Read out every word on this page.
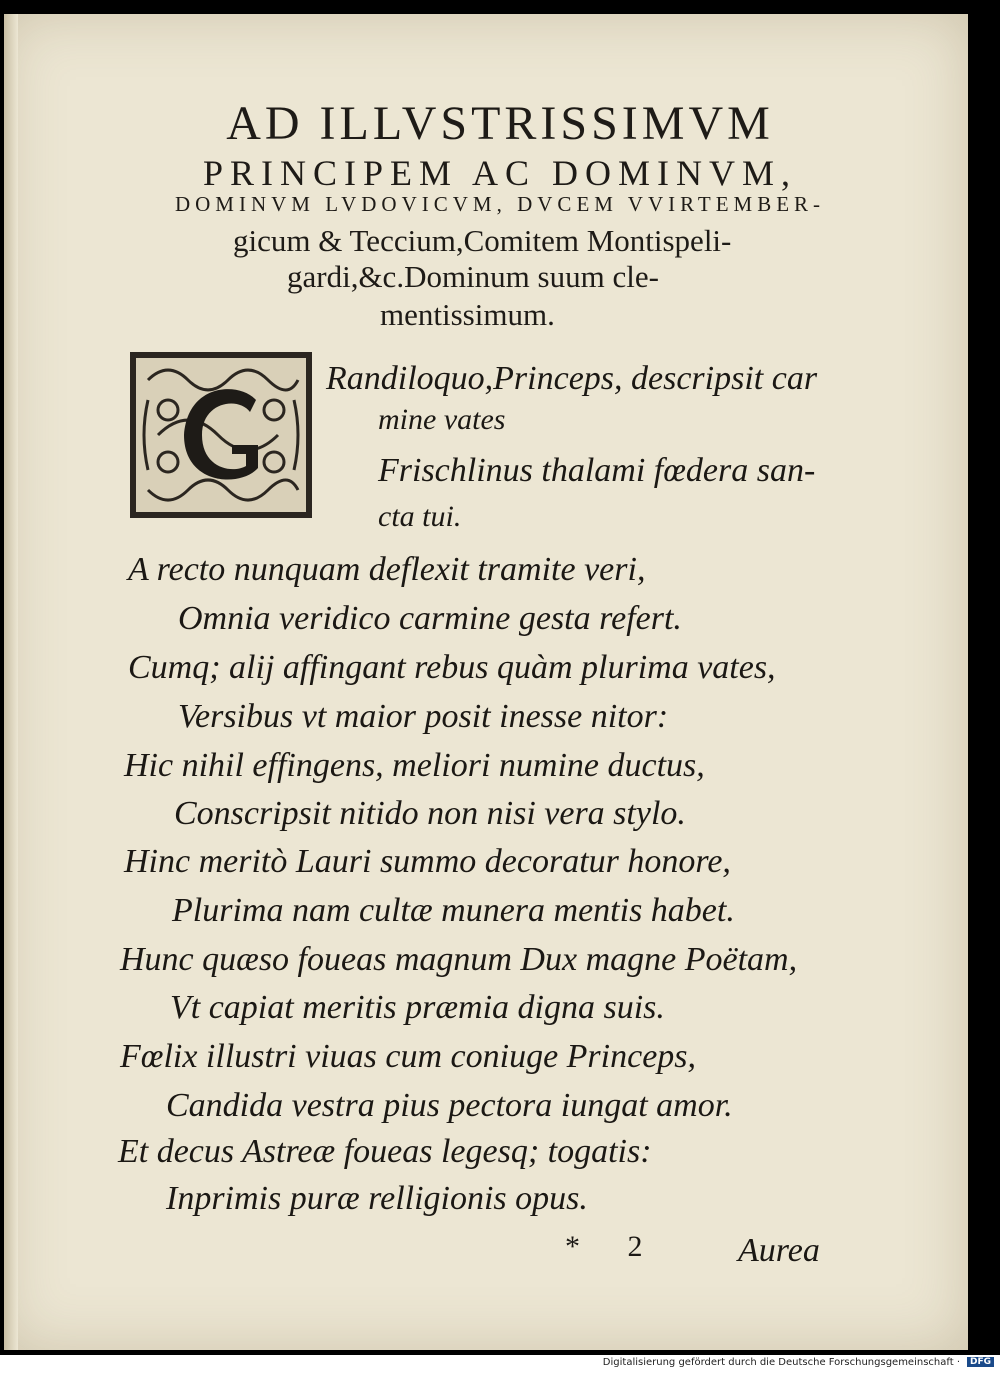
AD ILLVSTRISSIMVM
PRINCIPEM AC DOMINVM,
DOMINVM LVDOVICVM, DVCEM VVIRTEMBER-
gicum & Teccium,Comitem Montispeli-
gardi,&c.Dominum suum cle-
mentissimum.
Randiloquo,Princeps, descripsit car
mine vates
Frischlinus thalami fœdera san-
cta tui.
A recto nunquam deflexit tramite veri,
Omnia veridico carmine gesta refert.
Cumq; alij affingant rebus quàm plurima vates,
Versibus vt maior posit inesse nitor:
Hic nihil effingens, meliori numine ductus,
Conscripsit nitido non nisi vera stylo.
Hinc meritò Lauri summo decoratur honore,
Plurima nam cultæ munera mentis habet.
Hunc quæso foueas magnum Dux magne Poëtam,
Vt capiat meritis præmia digna suis.
Fœlix illustri viuas cum coniuge Princeps,
Candida vestra pius pectora iungat amor.
Et decus Astreæ foueas legesq; togatis:
Inprimis puræ relligionis opus.
* 2	Aurea
Digitalisierung gefördert durch die Deutsche Forschungsgemeinschaft ·	DFG
